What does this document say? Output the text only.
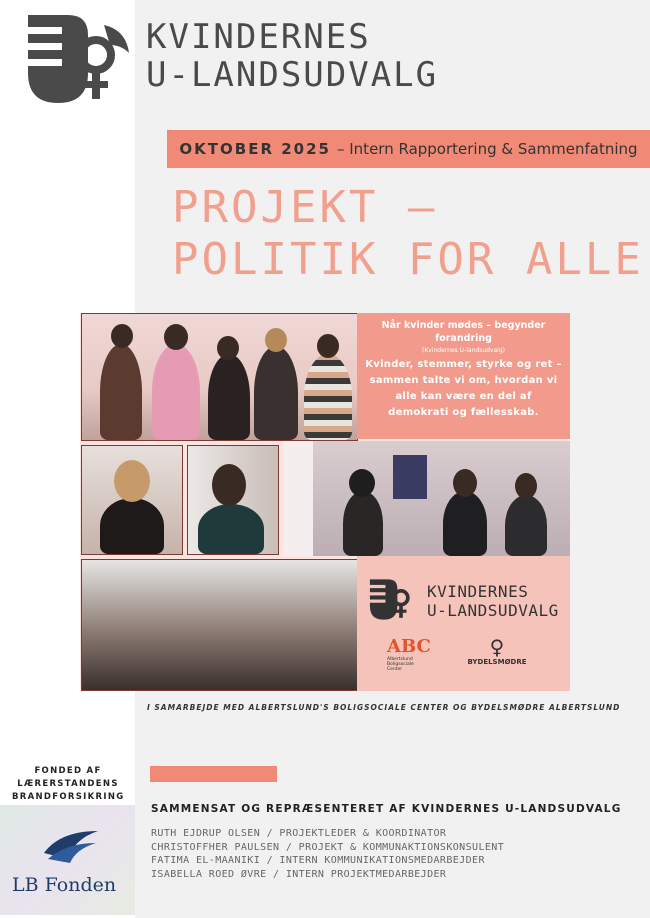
KVINDERNES
U-LANDSUDVALG
OKTOBER 2025 – Intern Rapportering & Sammenfatning
PROJEKT –
POLITIK FOR ALLE
Når kvinder mødes – begynder forandring
(Kvindernes U-landsudvalg)
Kvinder, stemmer, styrke og ret – sammen talte vi om, hvordan vi alle kan være en del af demokrati og fællesskab.
KVINDERNES
U-LANDSUDVALG
ABC
Albertslund Boligsociale Center
♀
BYDELSMØDRE
I SAMARBEJDE MED ALBERTSLUND'S BOLIGSOCIALE CENTER OG BYDELSMØDRE ALBERTSLUND
FONDED AF
LÆRERSTANDENS
BRANDFORSIKRING
LB Fonden
SAMMENSAT OG REPRÆSENTERET AF KVINDERNES U-LANDSUDVALG
RUTH EJDRUP OLSEN / PROJEKTLEDER & KOORDINATOR
CHRISTOFFHER PAULSEN / PROJEKT & KOMMUNAKTIONSKONSULENT
FATIMA EL-MAANIKI / INTERN KOMMUNIKATIONSMEDARBEJDER
ISABELLA ROED ØVRE / INTERN PROJEKTMEDARBEJDER
